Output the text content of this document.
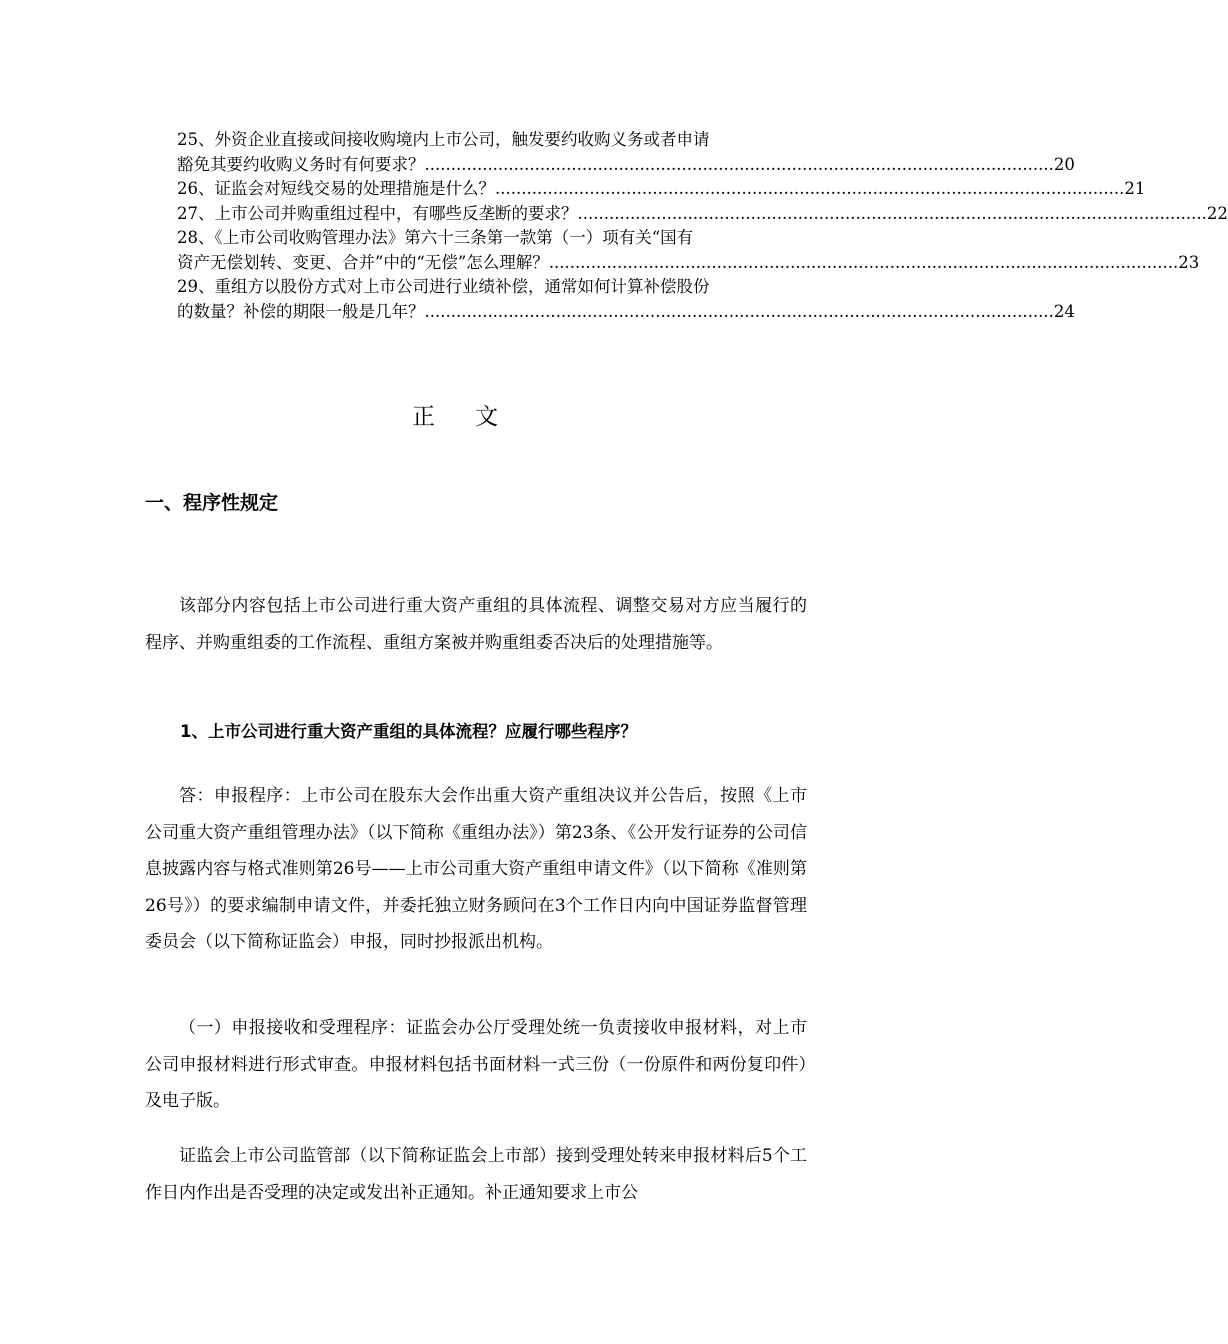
25、外资企业直接或间接收购境内上市公司，触发要约收购义务或者申请
豁免其要约收购义务时有何要求？ ........................................................................................................................ 20
26、证监会对短线交易的处理措施是什么？ ........................................................................................................................ 21
27、上市公司并购重组过程中，有哪些反垄断的要求？ ........................................................................................................................ 22
28、《上市公司收购管理办法》第六十三条第一款第（一）项有关“国有
资产无偿划转、变更、合并”中的“无偿”怎么理解？ ........................................................................................................................ 23
29、重组方以股份方式对上市公司进行业绩补偿，通常如何计算补偿股份
的数量？补偿的期限一般是几年？ ........................................................................................................................ 24
正文
一、程序性规定
该部分内容包括上市公司进行重大资产重组的具体流程、调整交易对方应当履行的程序、并购重组委的工作流程、重组方案被并购重组委否决后的处理措施等。
1、上市公司进行重大资产重组的具体流程？应履行哪些程序？
答：申报程序：上市公司在股东大会作出重大资产重组决议并公告后，按照《上市公司重大资产重组管理办法》（以下简称《重组办法》）第23条、《公开发行证券的公司信息披露内容与格式准则第26号——上市公司重大资产重组申请文件》（以下简称《准则第26号》）的要求编制申请文件，并委托独立财务顾问在3个工作日内向中国证券监督管理委员会（以下简称证监会）申报，同时抄报派出机构。
（一）申报接收和受理程序：证监会办公厅受理处统一负责接收申报材料，对上市公司申报材料进行形式审查。申报材料包括书面材料一式三份（一份原件和两份复印件）及电子版。
证监会上市公司监管部（以下简称证监会上市部）接到受理处转来申报材料后5个工作日内作出是否受理的决定或发出补正通知。补正通知要求上市公
